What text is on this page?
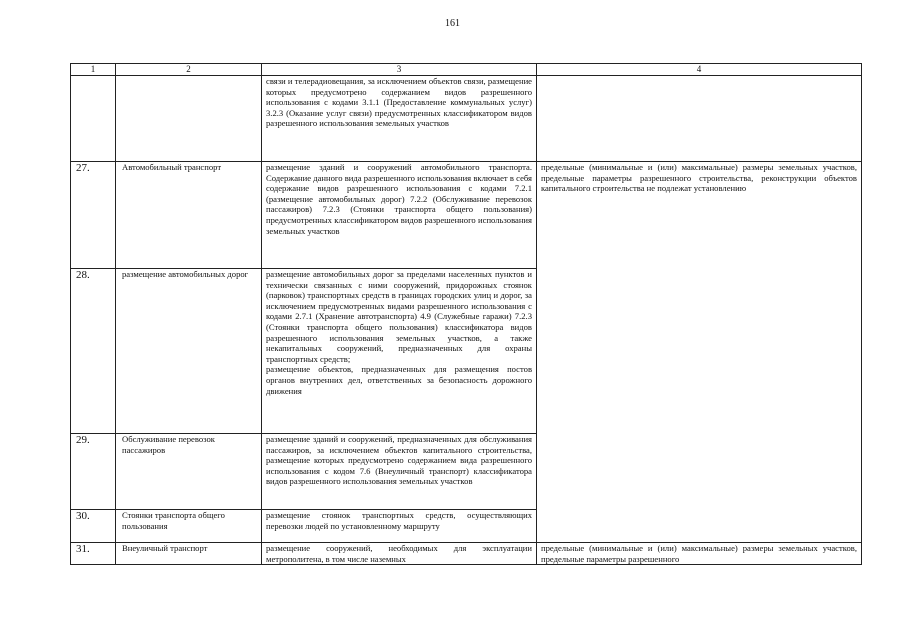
161
1	2	3	4
		связи и телерадиовещания, за исключением объектов связи, размещение которых предусмотрено содержанием видов разрешенного использования с кодами 3.1.1 (Предоставление коммунальных услуг) 3.2.3 (Оказание услуг связи) предусмотренных классификатором видов разрешенного использования земельных участков	
27.	Автомобильный транспорт	размещение зданий и сооружений автомобильного транспорта. Содержание данного вида разрешенного использования включает в себя содержание видов разрешенного использования с кодами 7.2.1 (размещение автомобильных дорог) 7.2.2 (Обслуживание перевозок пассажиров) 7.2.3 (Стоянки транспорта общего пользования) предусмотренных классификатором видов разрешенного использования земельных участков	предельные (минимальные и (или) максимальные) размеры земельных участков, предельные параметры разрешенного строительства, реконструкции объектов капитального строительства не подлежат установлению
28.	размещение автомобильных дорог	размещение автомобильных дорог за пределами населенных пунктов и технически связанных с ними сооружений, придорожных стоянок (парковок) транспортных средств в границах городских улиц и дорог, за исключением предусмотренных видами разрешенного использования с кодами 2.7.1 (Хранение автотранспорта) 4.9 (Служебные гаражи) 7.2.3 (Стоянки транспорта общего пользования) классификатора видов разрешенного использования земельных участков, а также некапитальных сооружений, предназначенных для охраны транспортных средств;
размещение объектов, предназначенных для размещения постов органов внутренних дел, ответственных за безопасность дорожного движения	

29.	Обслуживание перевозок пассажиров	размещение зданий и сооружений, предназначенных для обслуживания пассажиров, за исключением объектов капитального строительства, размещение которых предусмотрено содержанием вида разрешенного использования с кодом 7.6 (Внеуличный транспорт) классификатора видов разрешенного использования земельных участков	
30.	Стоянки транспорта общего пользования	размещение стоянок транспортных средств, осуществляющих перевозки людей по установленному маршруту	
31.	Внеуличный транспорт	размещение сооружений, необходимых для эксплуатации метрополитена, в том числе наземных	предельные (минимальные и (или) максимальные) размеры земельных участков, предельные параметры разрешенного
